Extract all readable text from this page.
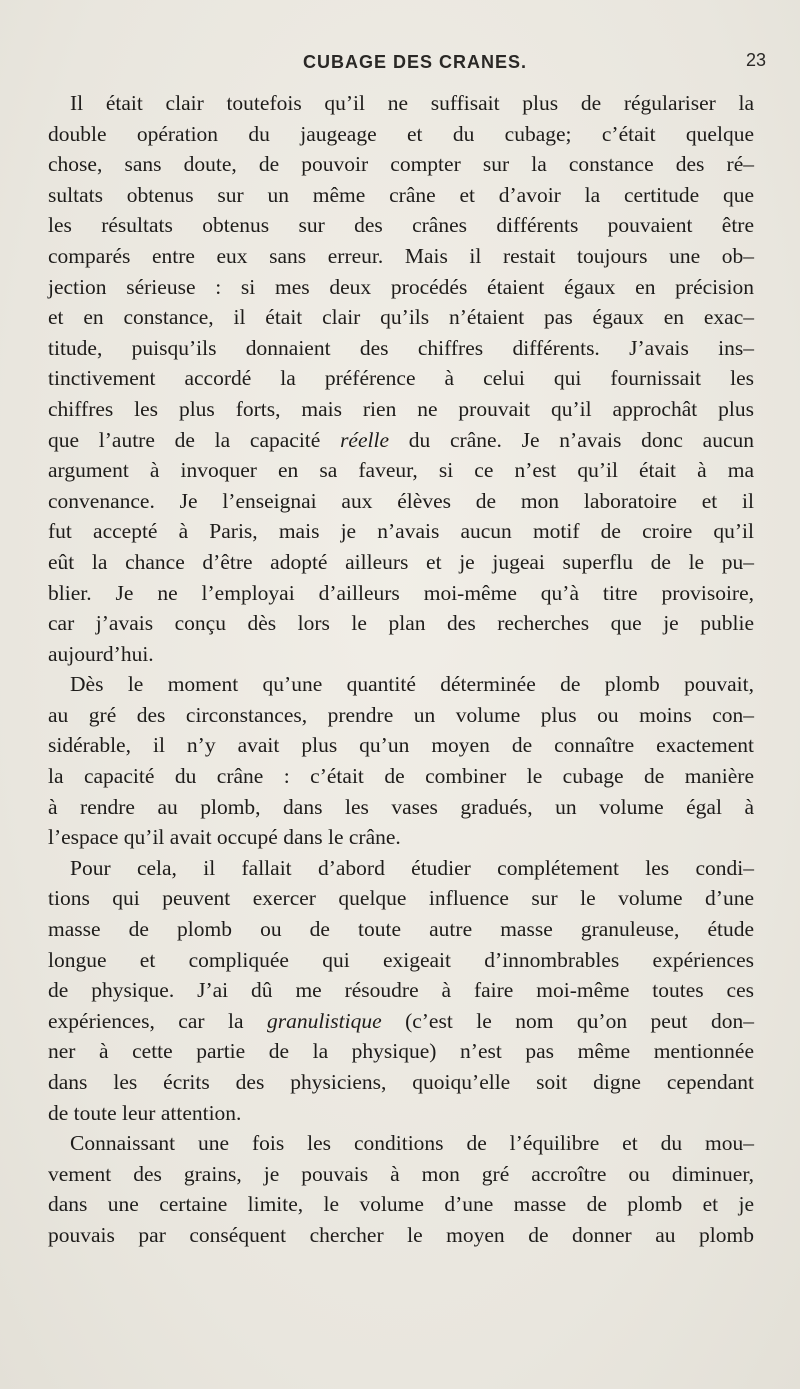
CUBAGE DES CRANES.	23
Il était clair toutefois qu’il ne suffisait plus de régulariser la
double opération du jaugeage et du cubage; c’était quelque
chose, sans doute, de pouvoir compter sur la constance des ré–
sultats obtenus sur un même crâne et d’avoir la certitude que
les résultats obtenus sur des crânes différents pouvaient être
comparés entre eux sans erreur. Mais il restait toujours une ob–
jection sérieuse : si mes deux procédés étaient égaux en précision
et en constance, il était clair qu’ils n’étaient pas égaux en exac–
titude, puisqu’ils donnaient des chiffres différents. J’avais ins–
tinctivement accordé la préférence à celui qui fournissait les
chiffres les plus forts, mais rien ne prouvait qu’il approchât plus
que l’autre de la capacité réelle du crâne. Je n’avais donc aucun
argument à invoquer en sa faveur, si ce n’est qu’il était à ma
convenance. Je l’enseignai aux élèves de mon laboratoire et il
fut accepté à Paris, mais je n’avais aucun motif de croire qu’il
eût la chance d’être adopté ailleurs et je jugeai superflu de le pu–
blier. Je ne l’employai d’ailleurs moi-même qu’à titre provisoire,
car j’avais conçu dès lors le plan des recherches que je publie
aujourd’hui.
Dès le moment qu’une quantité déterminée de plomb pouvait,
au gré des circonstances, prendre un volume plus ou moins con–
sidérable, il n’y avait plus qu’un moyen de connaître exactement
la capacité du crâne : c’était de combiner le cubage de manière
à rendre au plomb, dans les vases gradués, un volume égal à
l’espace qu’il avait occupé dans le crâne.
Pour cela, il fallait d’abord étudier complétement les condi–
tions qui peuvent exercer quelque influence sur le volume d’une
masse de plomb ou de toute autre masse granuleuse, étude
longue et compliquée qui exigeait d’innombrables expériences
de physique. J’ai dû me résoudre à faire moi-même toutes ces
expériences, car la granulistique (c’est le nom qu’on peut don–
ner à cette partie de la physique) n’est pas même mentionnée
dans les écrits des physiciens, quoiqu’elle soit digne cependant
de toute leur attention.
Connaissant une fois les conditions de l’équilibre et du mou–
vement des grains, je pouvais à mon gré accroître ou diminuer,
dans une certaine limite, le volume d’une masse de plomb et je
pouvais par conséquent chercher le moyen de donner au plomb
